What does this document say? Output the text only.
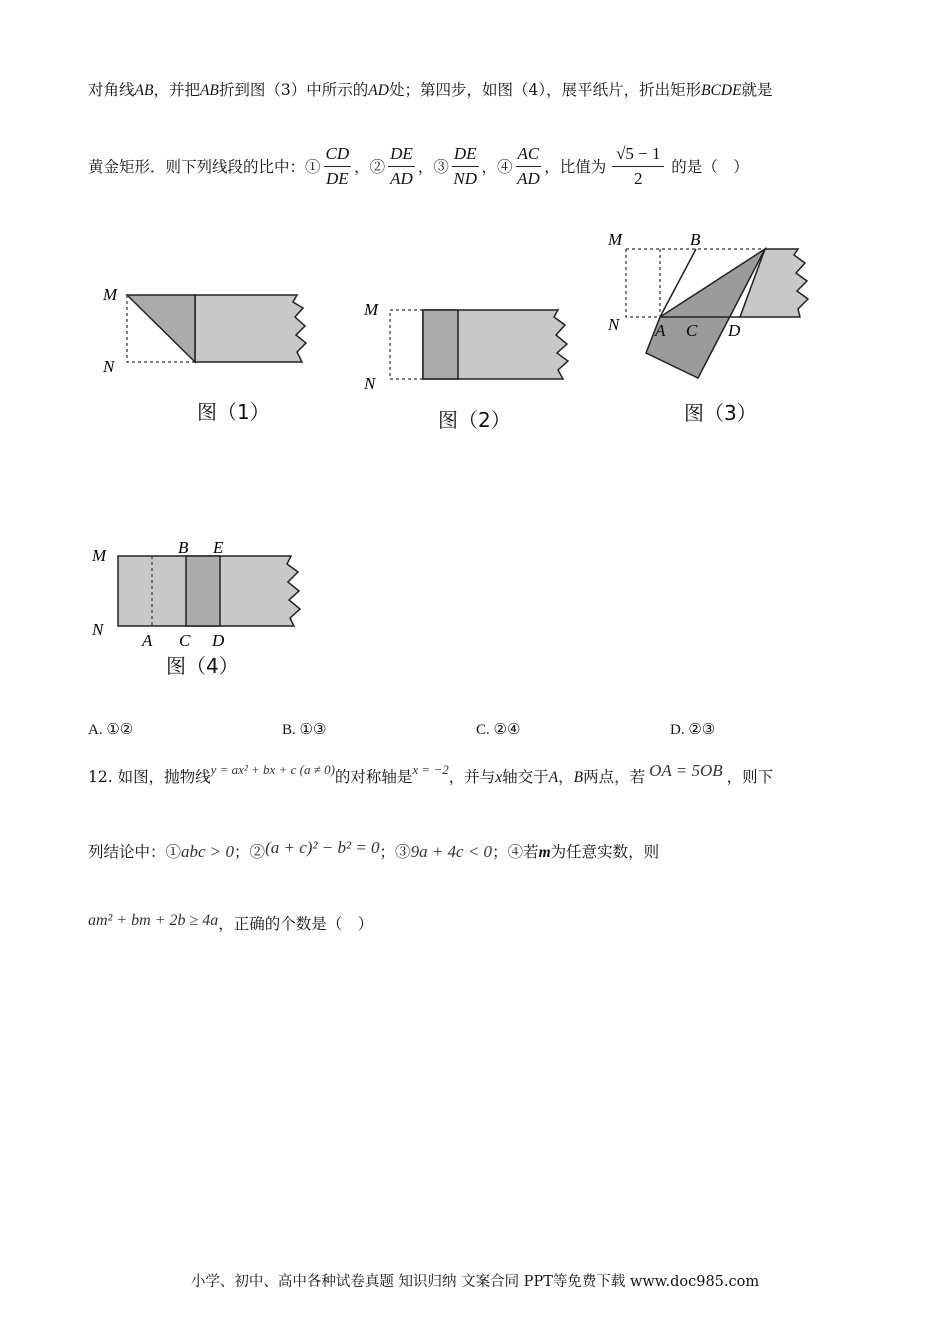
对角线AB，并把AB折到图（3）中所示的AD处；第四步，如图（4），展平纸片，折出矩形BCDE就是
黄金矩形．则下列线段的比中：① $\frac{CD}{DE}$ ，② $\frac{DE}{AD}$ ，③ $\frac{DE}{ND}$ ，④ $\frac{AC}{AD}$ ，比值为 $\frac{√5 - 1}{2}$ 的是（　）
M
N
图（1）
M
N
图（2）
M	B
N A C D
图（3）
M
N
B E
A C D
图（4）
A. ①②	B. ①③	C. ②④	D. ②③
12. 如图，抛物线$^{y = ax^2 + bx + c (a \ne 0)}$的对称轴是$^{x = -2}$，并与x轴交于A，B两点，若 OA = 5OB ，则下
列结论中：①abc > 0；②(a + c)² − b² = 0；③9a + 4c < 0；④若m为任意实数，则
am² + bm + 2b ≥ 4a，正确的个数是（　）
小学、初中、高中各种试卷真题 知识归纳 文案合同 PPT等免费下载 www.doc985.com
